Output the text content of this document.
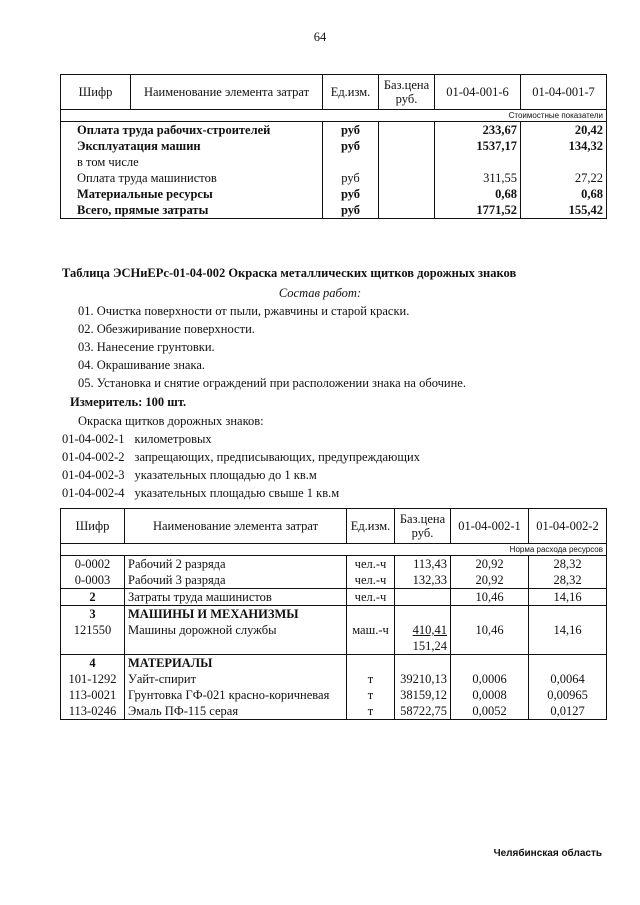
64
Шифр	Наименование элемента затрат	Ед.изм.	Баз.цена руб.	01-04-001-6	01-04-001-7
Стоимостные показатели					
Оплата труда рабочих-строителей		руб		233,67	20,42
Эксплуатация машин		руб		1537,17	134,32
в том числе					
Оплата труда машинистов		руб		311,55	27,22
Материальные ресурсы		руб		0,68	0,68
Всего, прямые затраты		руб		1771,52	155,42
Таблица ЭСНиЕРс-01-04-002 Окраска металлических щитков дорожных знаков
Состав работ:
01. Очистка поверхности от пыли, ржавчины и старой краски.
02. Обезжиривание поверхности.
03. Нанесение грунтовки.
04. Окрашивание знака.
05. Установка и снятие ограждений при расположении знака на обочине.
Измеритель: 100 шт.
Окраска щитков дорожных знаков:
01-04-002-1 километровых
01-04-002-2 запрещающих, предписывающих, предупреждающих
01-04-002-3 указательных площадью до 1 кв.м
01-04-002-4 указательных площадью свыше 1 кв.м
Шифр	Наименование элемента затрат	Ед.изм.	Баз.цена руб.	01-04-002-1	01-04-002-2
Норма расхода ресурсов					
0-0002	Рабочий 2 разряда	чел.-ч	113,43	20,92	28,32
0-0003	Рабочий 3 разряда	чел.-ч	132,33	20,92	28,32
2	Затраты труда машинистов	чел.-ч		10,46	14,16
3	МАШИНЫ И МЕХАНИЗМЫ				
121550	Машины дорожной службы	маш.-ч	410,41	10,46	14,16
			151,24		
4	МАТЕРИАЛЫ				
101-1292	Уайт-спирит	т	39210,13	0,0006	0,0064
113-0021	Грунтовка ГФ-021 красно-коричневая	т	38159,12	0,0008	0,00965
113-0246	Эмаль ПФ-115 серая	т	58722,75	0,0052	0,0127
Челябинская область
